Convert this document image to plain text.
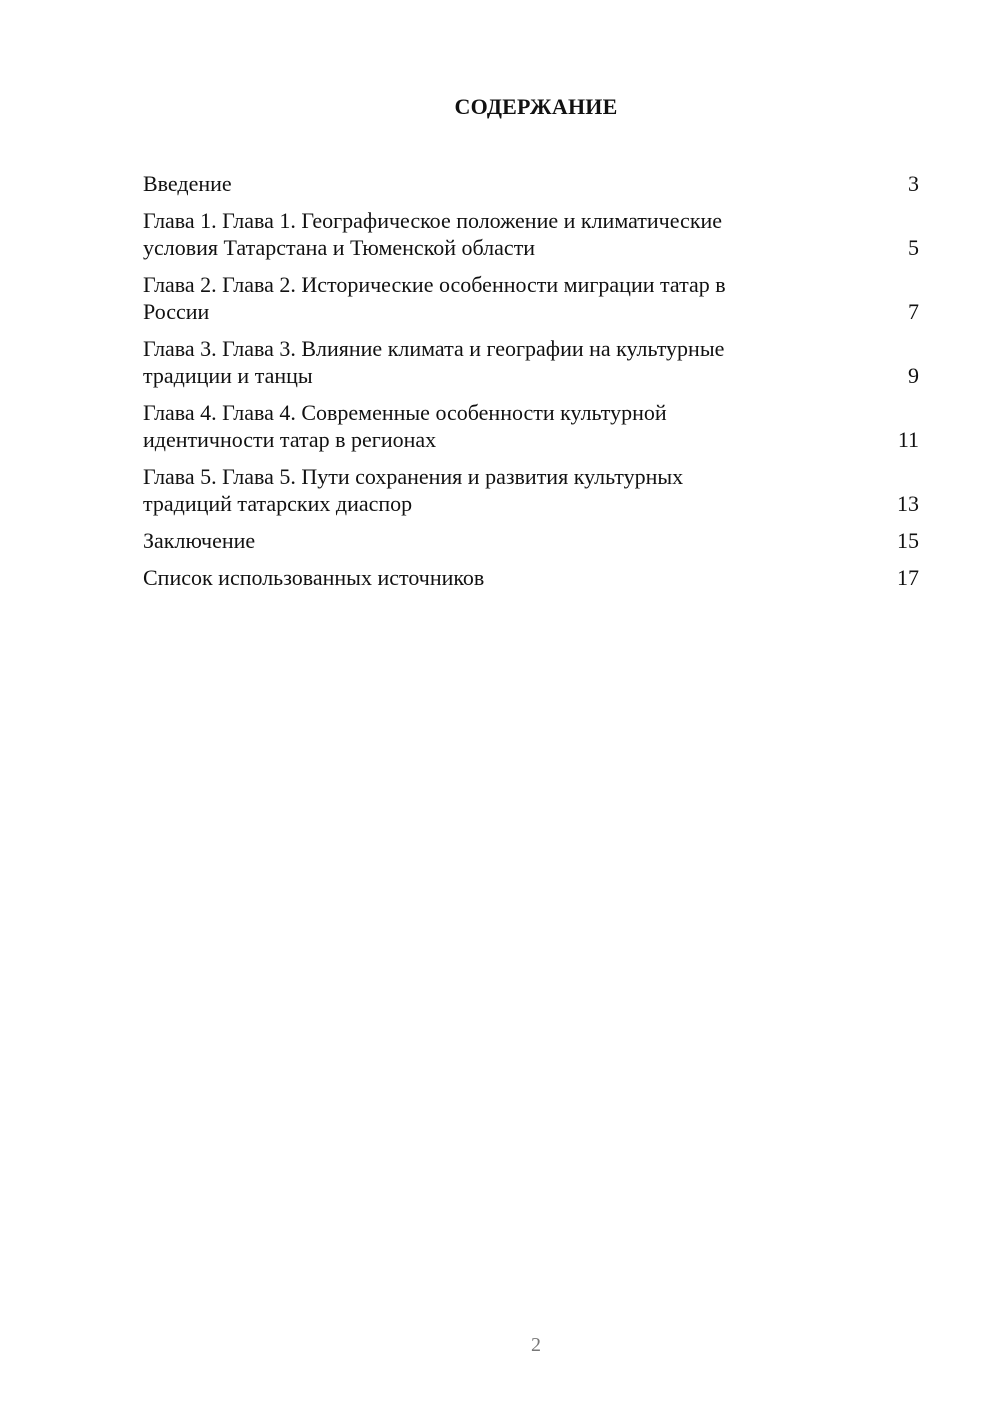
СОДЕРЖАНИЕ
Введение	3
Глава 1. Глава 1. Географическое положение и климатические
условия Татарстана и Тюменской области	5
Глава 2. Глава 2. Исторические особенности миграции татар в
России	7
Глава 3. Глава 3. Влияние климата и географии на культурные
традиции и танцы	9
Глава 4. Глава 4. Современные особенности культурной
идентичности татар в регионах	11
Глава 5. Глава 5. Пути сохранения и развития культурных
традиций татарских диаспор	13
Заключение	15
Список использованных источников	17
2
